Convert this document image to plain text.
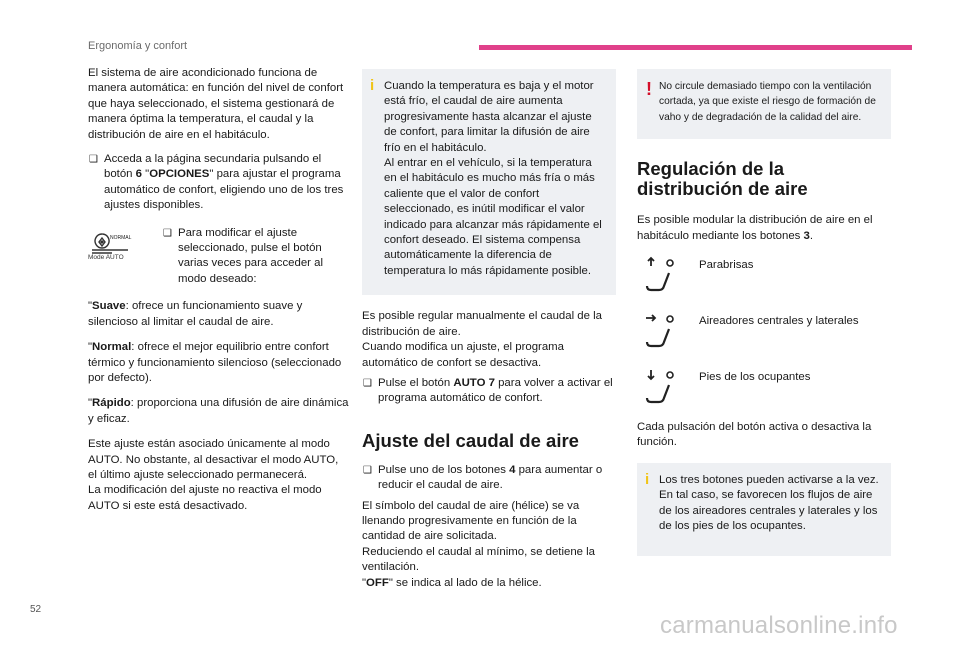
Ergonomía y confort

El sistema de aire acondicionado funciona de manera automática: en función del nivel de confort que haya seleccionado, el sistema gestionará de manera óptima la temperatura, el caudal y la distribución de aire en el habitáculo.

❑ Acceda a la página secundaria pulsando el botón 6 "OPCIONES" para ajustar el programa automático de confort, eligiendo uno de los tres ajustes disponibles.
NORMAL
Mode AUTO
❑ Para modificar el ajuste seleccionado, pulse el botón varias veces para acceder al modo deseado:

"Suave: ofrece un funcionamiento suave y silencioso al limitar el caudal de aire.

"Normal: ofrece el mejor equilibrio entre confort térmico y funcionamiento silencioso (seleccionado por defecto).

"Rápido: proporciona una difusión de aire dinámica y eficaz.

Este ajuste están asociado únicamente al modo AUTO. No obstante, al desactivar el modo AUTO, el último ajuste seleccionado permanecerá.

La modificación del ajuste no reactiva el modo AUTO si este está desactivado.

i Cuando la temperatura es baja y el motor está frío, el caudal de aire aumenta progresivamente hasta alcanzar el ajuste de confort, para limitar la difusión de aire frío en el habitáculo.

Al entrar en el vehículo, si la temperatura en el habitáculo es mucho más fría o más caliente que el valor de confort seleccionado, es inútil modificar el valor indicado para alcanzar más rápidamente el confort deseado. El sistema compensa automáticamente la diferencia de temperatura lo más rápidamente posible.

Es posible regular manualmente el caudal de la distribución de aire.

Cuando modifica un ajuste, el programa automático de confort se desactiva.

❑ Pulse el botón AUTO 7 para volver a activar el programa automático de confort.
Ajuste del caudal de aire
❑ Pulse uno de los botones 4 para aumentar o reducir el caudal de aire.

El símbolo del caudal de aire (hélice) se va llenando progresivamente en función de la cantidad de aire solicitada.

Reduciendo el caudal al mínimo, se detiene la ventilación.

"OFF" se indica al lado de la hélice.

! No circule demasiado tiempo con la ventilación cortada, ya que existe el riesgo de formación de vaho y de degradación de la calidad del aire.

Regulación de la distribución de aire

Es posible modular la distribución de aire en el habitáculo mediante los botones 3.

Parabrisas
Aireadores centrales y laterales
Pies de los ocupantes

Cada pulsación del botón activa o desactiva la función.

i Los tres botones pueden activarse a la vez. En tal caso, se favorecen los flujos de aire de los aireadores centrales y laterales y los de los pies de los ocupantes.

52
carmanualsonline.info
